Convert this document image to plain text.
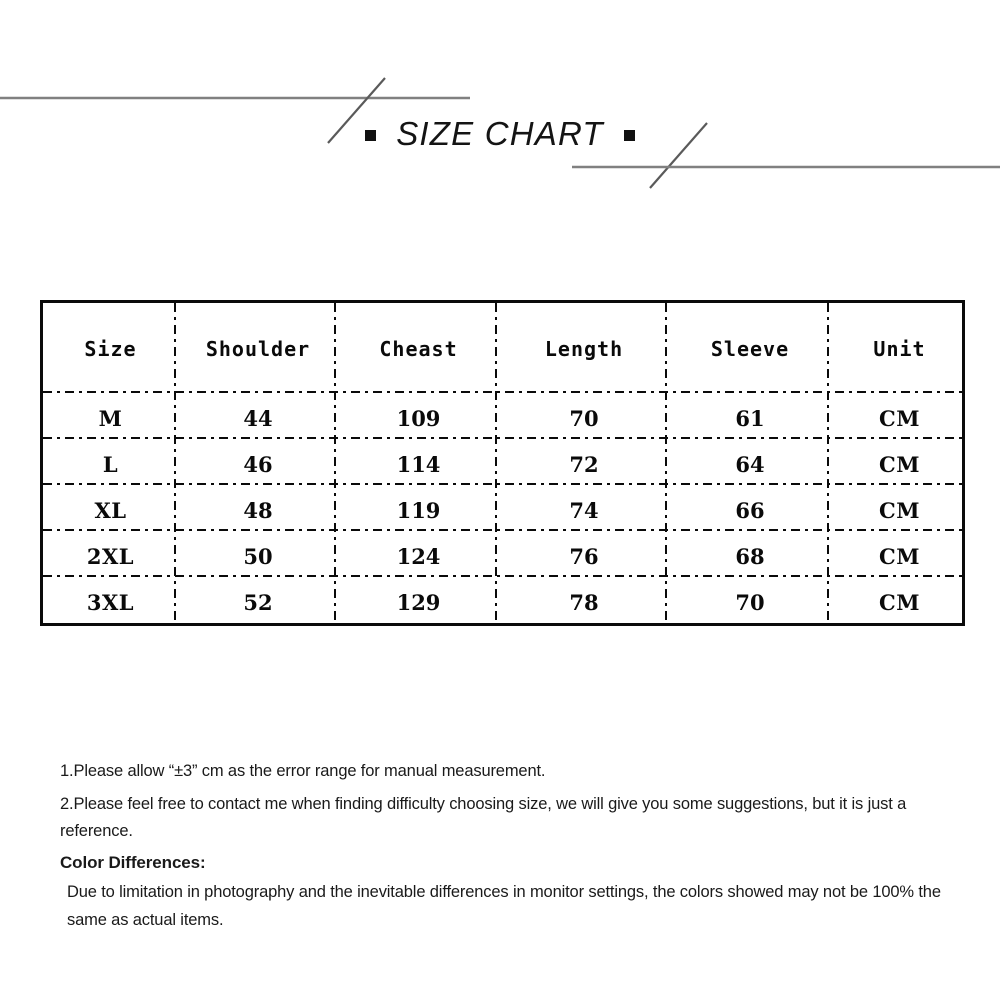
SIZE CHART
Size	Shoulder	Cheast	Length	Sleeve	Unit
M	44	109	70	61	CM
L	46	114	72	64	CM
XL	48	119	74	66	CM
2XL	50	124	76	68	CM
3XL	52	129	78	70	CM

1.Please allow “±3” cm as the error range for manual measurement.

2.Please feel free to contact me when finding difficulty choosing size, we will give you some suggestions, but it is just a reference.

Color Differences:

Due to limitation in photography and the inevitable differences in monitor settings, the colors showed may not be 100% the same as actual items.
